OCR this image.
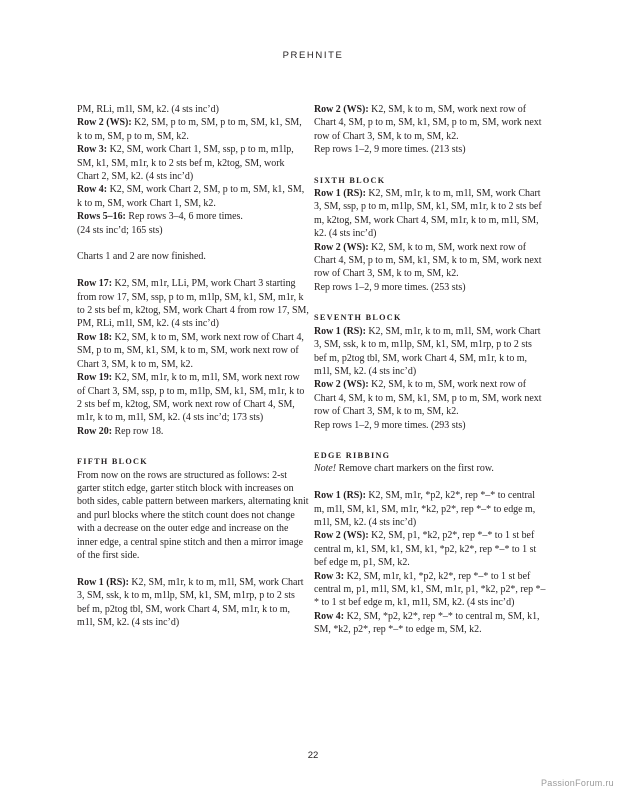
PREHNITE

PM, RLi, m1l, SM, k2. (4 sts inc’d)

Row 2 (WS): K2, SM, p to m, SM, p to m, SM, k1, SM, k to m, SM, p to m, SM, k2.

Row 3: K2, SM, work Chart 1, SM, ssp, p to m, m1lp, SM, k1, SM, m1r, k to 2 sts bef m, k2tog, SM, work Chart 2, SM, k2. (4 sts inc’d)

Row 4: K2, SM, work Chart 2, SM, p to m, SM, k1, SM, k to m, SM, work Chart 1, SM, k2.

Rows 5–16: Rep rows 3–4, 6 more times.

(24 sts inc’d; 165 sts)

Charts 1 and 2 are now finished.

Row 17: K2, SM, m1r, LLi, PM, work Chart 3 starting from row 17, SM, ssp, p to m, m1lp, SM, k1, SM, m1r, k to 2 sts bef m, k2tog, SM, work Chart 4 from row 17, SM, PM, RLi, m1l, SM, k2. (4 sts inc’d)

Row 18: K2, SM, k to m, SM, work next row of Chart 4, SM, p to m, SM, k1, SM, k to m, SM, work next row of Chart 3, SM, k to m, SM, k2.

Row 19: K2, SM, m1r, k to m, m1l, SM, work next row of Chart 3, SM, ssp, p to m, m1lp, SM, k1, SM, m1r, k to 2 sts bef m, k2tog, SM, work next row of Chart 4, SM, m1r, k to m, m1l, SM, k2. (4 sts inc’d; 173 sts)

Row 20: Rep row 18.

FIFTH BLOCK

From now on the rows are structured as follows: 2-st garter stitch edge, garter stitch block with increases on both sides, cable pattern between markers, alternating knit and purl blocks where the stitch count does not change with a decrease on the outer edge and increase on the inner edge, a central spine stitch and then a mirror image of the first side.

Row 1 (RS): K2, SM, m1r, k to m, m1l, SM, work Chart 3, SM, ssk, k to m, m1lp, SM, k1, SM, m1rp, p to 2 sts bef m, p2tog tbl, SM, work Chart 4, SM, m1r, k to m, m1l, SM, k2. (4 sts inc’d)

Row 2 (WS): K2, SM, k to m, SM, work next row of Chart 4, SM, p to m, SM, k1, SM, p to m, SM, work next row of Chart 3, SM, k to m, SM, k2.

Rep rows 1–2, 9 more times. (213 sts)

SIXTH BLOCK

Row 1 (RS): K2, SM, m1r, k to m, m1l, SM, work Chart 3, SM, ssp, p to m, m1lp, SM, k1, SM, m1r, k to 2 sts bef m, k2tog, SM, work Chart 4, SM, m1r, k to m, m1l, SM, k2. (4 sts inc’d)

Row 2 (WS): K2, SM, k to m, SM, work next row of Chart 4, SM, p to m, SM, k1, SM, k to m, SM, work next row of Chart 3, SM, k to m, SM, k2.

Rep rows 1–2, 9 more times. (253 sts)

SEVENTH BLOCK

Row 1 (RS): K2, SM, m1r, k to m, m1l, SM, work Chart 3, SM, ssk, k to m, m1lp, SM, k1, SM, m1rp, p to 2 sts bef m, p2tog tbl, SM, work Chart 4, SM, m1r, k to m, m1l, SM, k2. (4 sts inc’d)

Row 2 (WS): K2, SM, k to m, SM, work next row of Chart 4, SM, k to m, SM, k1, SM, p to m, SM, work next row of Chart 3, SM, k to m, SM, k2.

Rep rows 1–2, 9 more times. (293 sts)

EDGE RIBBING

Note! Remove chart markers on the first row.

Row 1 (RS): K2, SM, m1r, *p2, k2*, rep *–* to central m, m1l, SM, k1, SM, m1r, *k2, p2*, rep *–* to edge m, m1l, SM, k2. (4 sts inc’d)

Row 2 (WS): K2, SM, p1, *k2, p2*, rep *–* to 1 st bef central m, k1, SM, k1, SM, k1, *p2, k2*, rep *–* to 1 st bef edge m, p1, SM, k2.

Row 3: K2, SM, m1r, k1, *p2, k2*, rep *–* to 1 st bef central m, p1, m1l, SM, k1, SM, m1r, p1, *k2, p2*, rep *–* to 1 st bef edge m, k1, m1l, SM, k2. (4 sts inc’d)

Row 4: K2, SM, *p2, k2*, rep *–* to central m, SM, k1, SM, *k2, p2*, rep *–* to edge m, SM, k2.

22
PassionForum.ru
